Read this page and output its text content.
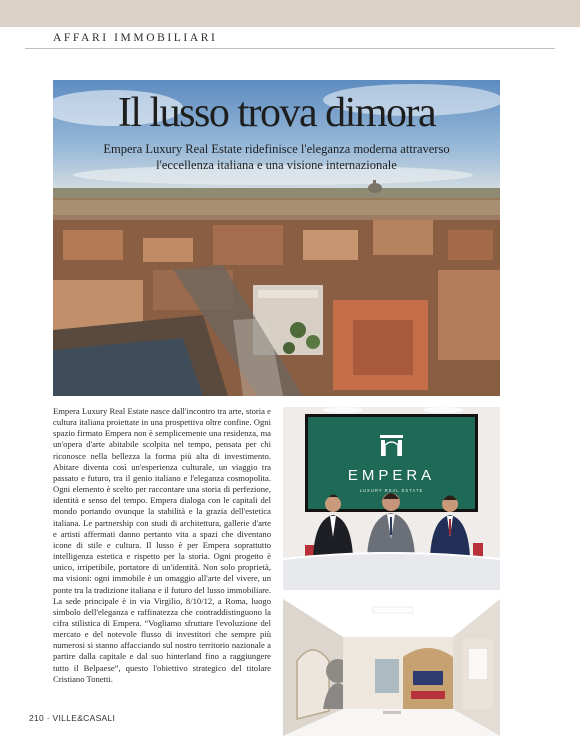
AFFARI IMMOBILIARI
Il lusso trova dimora
Empera Luxury Real Estate ridefinisce l'eleganza moderna attraverso l'eccellenza italiana e una visione internazionale
Empera Luxury Real Estate nasce dall'incontro tra arte, storia e cultura italiana proiettate in una prospettiva oltre confine. Ogni spazio firmato Empera non è semplicemente una residenza, ma un'opera d'arte abitabile scolpita nel tempo, pensata per chi riconosce nella bellezza la forma più alta di investimento. Abitare diventa così un'esperienza culturale, un viaggio tra passato e futuro, tra il genio italiano e l'eleganza cosmopolita. Ogni elemento è scelto per raccontare una storia di perfezione, identità e senso del tempo. Empera dialoga con le capitali del mondo portando ovunque la stabilità e la grazia dell'estetica italiana. Le partnership con studi di architettura, gallerie d'arte e artisti affermati danno pertanto vita a spazi che diventano icone di stile e cultura. Il lusso è per Empera soprattutto intelligenza estetica e rispetto per la storia. Ogni progetto è unico, irripetibile, portatore di un'identità. Non solo proprietà, ma visioni: ogni immobile è un omaggio all'arte del vivere, un ponte tra la tradizione italiana e il futuro del lusso immobiliare. La sede principale è in via Virgilio, 8/10/12, a Roma, luogo simbolo dell'eleganza e raffinatezza che contraddistinguono la cifra stilistica di Empera. “Vogliamo sfruttare l'evoluzione del mercato e del notevole flusso di investitori che sempre più numerosi si stanno affacciando sul nostro territorio nazionale a partire dalla capitale e dal suo hinterland fino a raggiungere tutto il Belpaese”, questo l'obiettivo strategico del titolare Cristiano Tonetti.
EMPERA
LUXURY REAL ESTATE
210 · VILLE&CASALI
